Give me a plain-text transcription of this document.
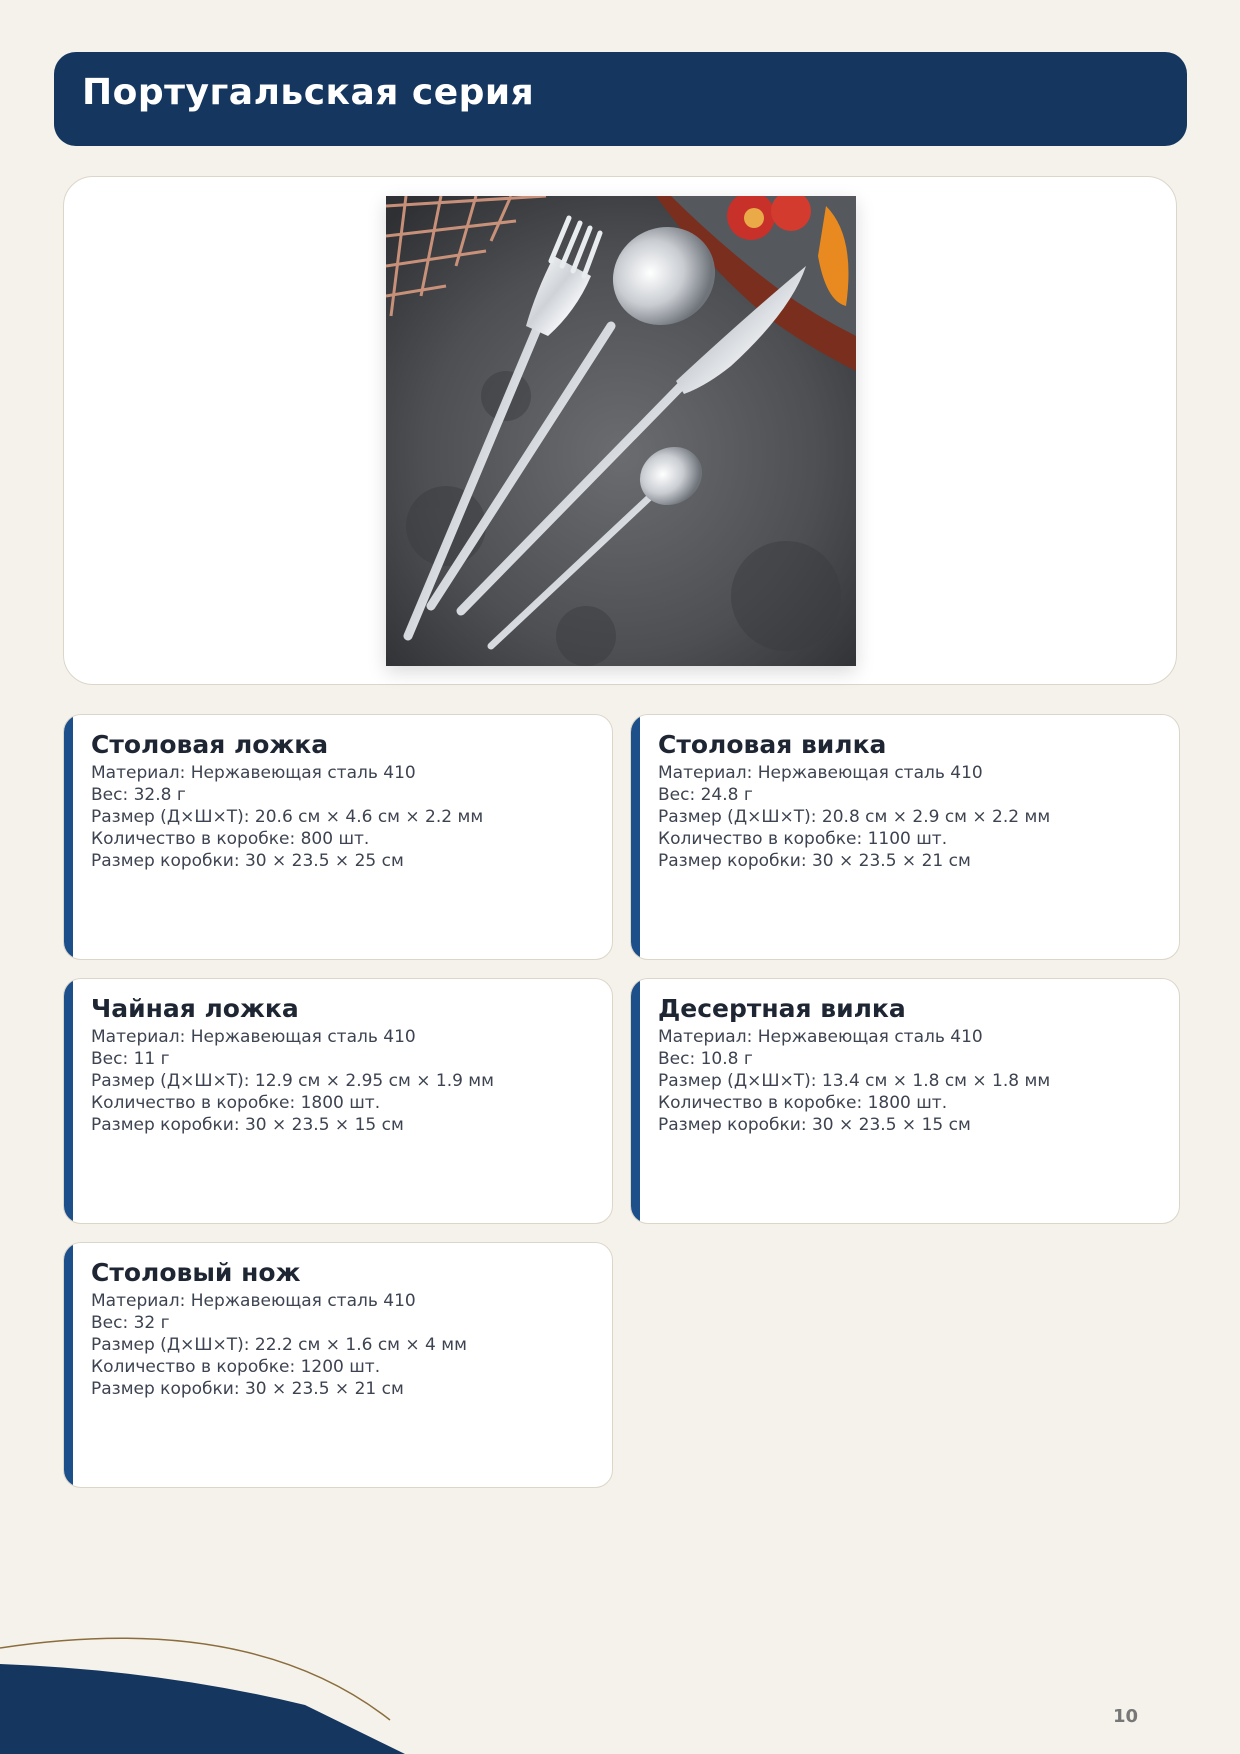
Португальская серия
Столовая ложка
Материал: Нержавеющая сталь 410
Вес: 32.8 г
Размер (Д×Ш×Т): 20.6 см × 4.6 см × 2.2 мм
Количество в коробке: 800 шт.
Размер коробки: 30 × 23.5 × 25 см
Столовая вилка
Материал: Нержавеющая сталь 410
Вес: 24.8 г
Размер (Д×Ш×Т): 20.8 см × 2.9 см × 2.2 мм
Количество в коробке: 1100 шт.
Размер коробки: 30 × 23.5 × 21 см
Чайная ложка
Материал: Нержавеющая сталь 410
Вес: 11 г
Размер (Д×Ш×Т): 12.9 см × 2.95 см × 1.9 мм
Количество в коробке: 1800 шт.
Размер коробки: 30 × 23.5 × 15 см
Десертная вилка
Материал: Нержавеющая сталь 410
Вес: 10.8 г
Размер (Д×Ш×Т): 13.4 см × 1.8 см × 1.8 мм
Количество в коробке: 1800 шт.
Размер коробки: 30 × 23.5 × 15 см
Столовый нож
Материал: Нержавеющая сталь 410
Вес: 32 г
Размер (Д×Ш×Т): 22.2 см × 1.6 см × 4 мм
Количество в коробке: 1200 шт.
Размер коробки: 30 × 23.5 × 21 см
10
